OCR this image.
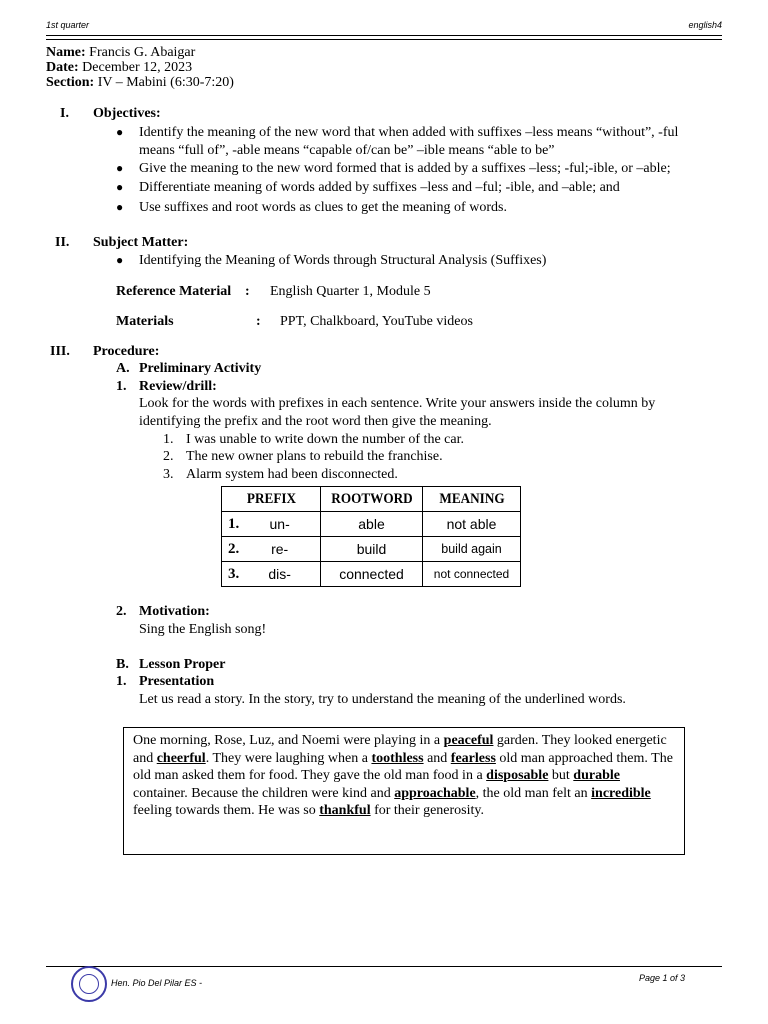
1st quarter	english4
Name: Francis G. Abaigar
Date: December 12, 2023
Section: IV – Mabini (6:30-7:20)
I. Objectives:
● Identify the meaning of the new word that when added with suffixes –less means “without”, -ful means “full of”, -able means “capable of/can be” –ible means “able to be”
● Give the meaning to the new word formed that is added by a suffixes –less; -ful;-ible, or –able;
● Differentiate meaning of words added by suffixes –less and –ful; -ible, and –able; and
● Use suffixes and root words as clues to get the meaning of words.
II. Subject Matter:
● Identifying the Meaning of Words through Structural Analysis (Suffixes)
Reference Material : English Quarter 1, Module 5
Materials	: PPT, Chalkboard, YouTube videos
III. Procedure:
A. Preliminary Activity
1. Review/drill:
Look for the words with prefixes in each sentence. Write your answers inside the column by identifying the prefix and the root word then give the meaning.
1. I was unable to write down the number of the car.
2. The new owner plans to rebuild the franchise.
3. Alarm system had been disconnected.
PREFIX	ROOTWORD	MEANING

1. un-	able	not able

2. re-	build	build again

3. dis-	connected	not connected
2. Motivation:
Sing the English song!
B. Lesson Proper
1. Presentation
Let us read a story. In the story, try to understand the meaning of the underlined words.
One morning, Rose, Luz, and Noemi were playing in a peaceful garden. They looked energetic and cheerful. They were laughing when a toothless and fearless old man approached them. The old man asked them for food. They gave the old man food in a disposable but durable container. Because the children were kind and approachable, the old man felt an incredible feeling towards them. He was so thankful for their generosity.
Hen. Pio Del Pilar ES -	Page 1 of 3
